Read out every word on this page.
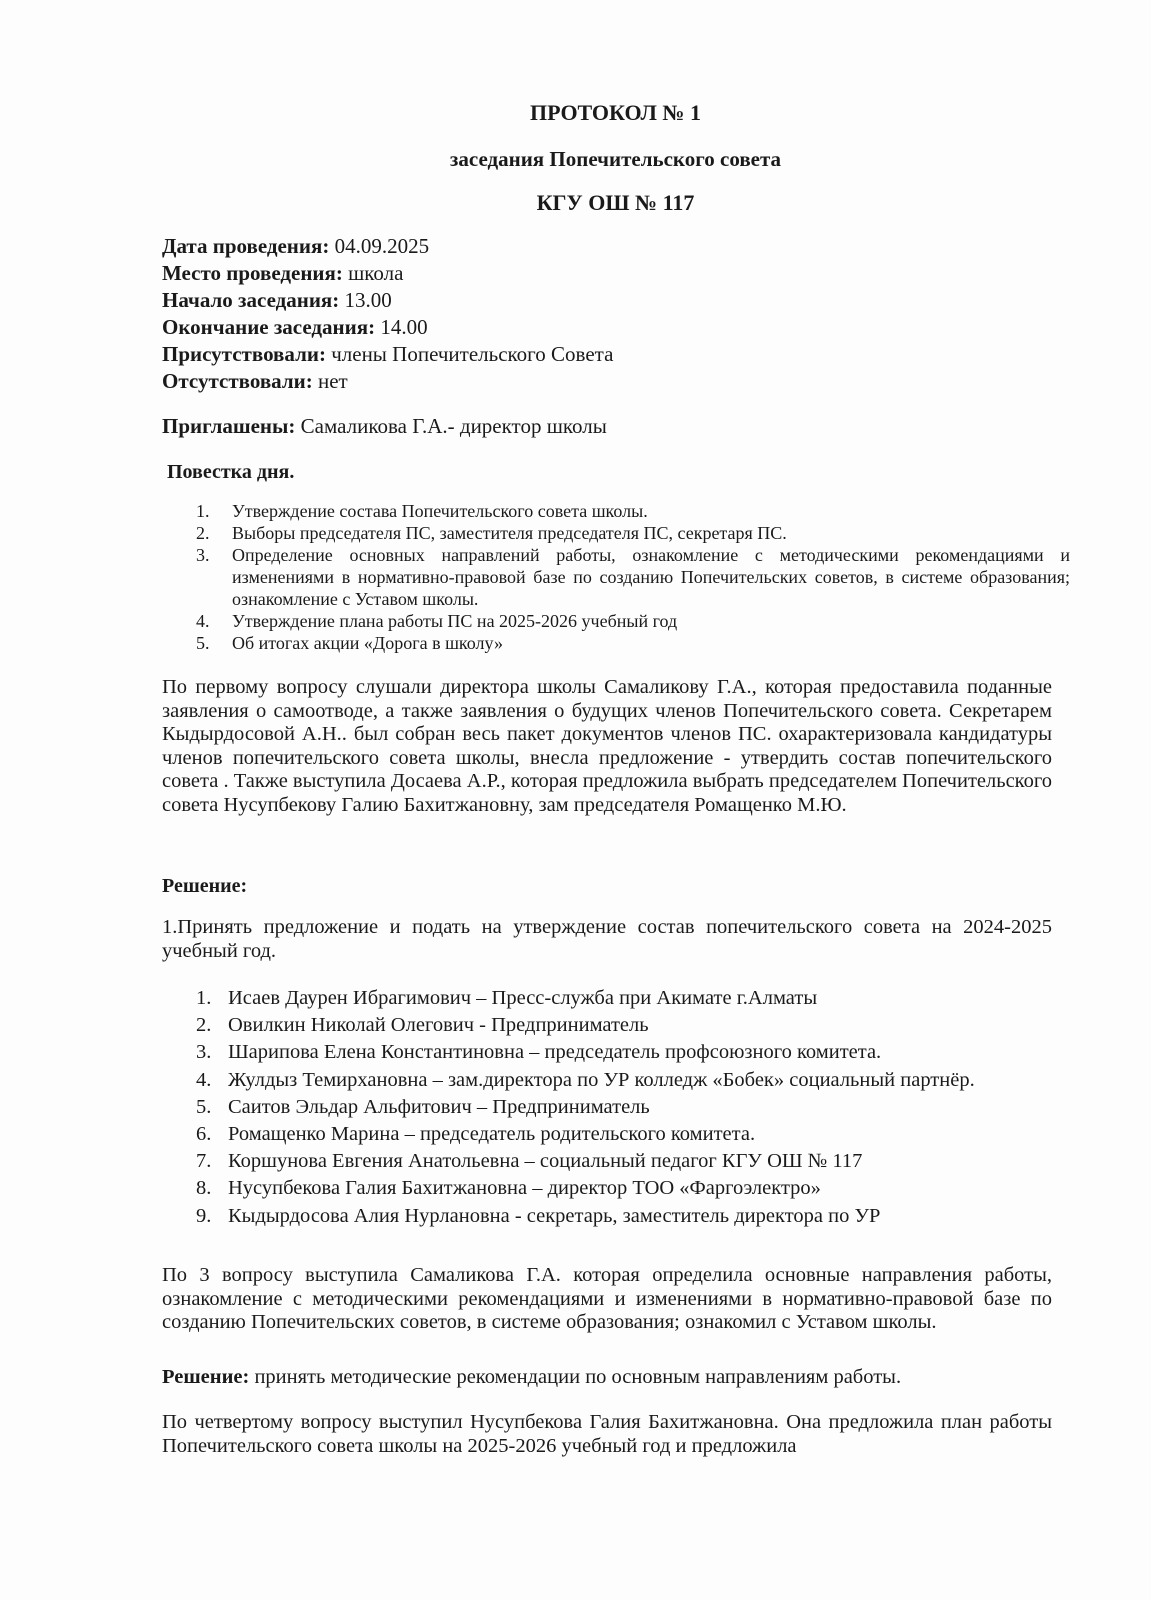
ПРОТОКОЛ № 1
заседания Попечительского совета
КГУ ОШ № 117
Дата проведения: 04.09.2025
Место проведения: школа
Начало заседания: 13.00
Окончание заседания: 14.00
Присутствовали: члены Попечительского Совета
Отсутствовали: нет
Приглашены: Самаликова Г.А.- директор школы
Повестка дня.
1. Утверждение состава Попечительского совета школы.
2. Выборы председателя ПС, заместителя председателя ПС, секретаря ПС.
3. Определение основных направлений работы, ознакомление с методическими рекомендациями и изменениями в нормативно-правовой базе по созданию Попечительских советов, в системе образования; ознакомление с Уставом школы.
4. Утверждение плана работы ПС на 2025-2026 учебный год
5. Об итогах акции «Дорога в школу»
По первому вопросу слушали директора школы Самаликову Г.А., которая предоставила поданные заявления о самоотводе, а также заявления о будущих членов Попечительского совета. Секретарем Кыдырдосовой А.Н.. был собран весь пакет документов членов ПС. охарактеризовала кандидатуры членов попечительского совета школы, внесла предложение - утвердить состав попечительского совета . Также выступила Досаева А.Р., которая предложила выбрать председателем Попечительского совета Нусупбекову Галию Бахитжановну, зам председателя Ромащенко М.Ю.
Решение:
1.Принять предложение и подать на утверждение состав попечительского совета на 2024-2025 учебный год.
1. Исаев Даурен Ибрагимович – Пресс-служба при Акимате г.Алматы
2. Овилкин Николай Олегович - Предприниматель
3. Шарипова Елена Константиновна – председатель профсоюзного комитета.
4. Жулдыз Темирхановна – зам.директора по УР колледж «Бобек» социальный партнёр.
5. Саитов Эльдар Альфитович – Предприниматель
6. Ромащенко Марина – председатель родительского комитета.
7. Коршунова Евгения Анатольевна – социальный педагог КГУ ОШ № 117
8. Нусупбекова Галия Бахитжановна – директор ТОО «Фаргоэлектро»
9. Кыдырдосова Алия Нурлановна - секретарь, заместитель директора по УР
По 3 вопросу выступила Самаликова Г.А. которая определила основные направления работы, ознакомление с методическими рекомендациями и изменениями в нормативно-правовой базе по созданию Попечительских советов, в системе образования; ознакомил с Уставом школы.
Решение: принять методические рекомендации по основным направлениям работы.
По четвертому вопросу выступил Нусупбекова Галия Бахитжановна. Она предложила план работы Попечительского совета школы на 2025-2026 учебный год и предложила
